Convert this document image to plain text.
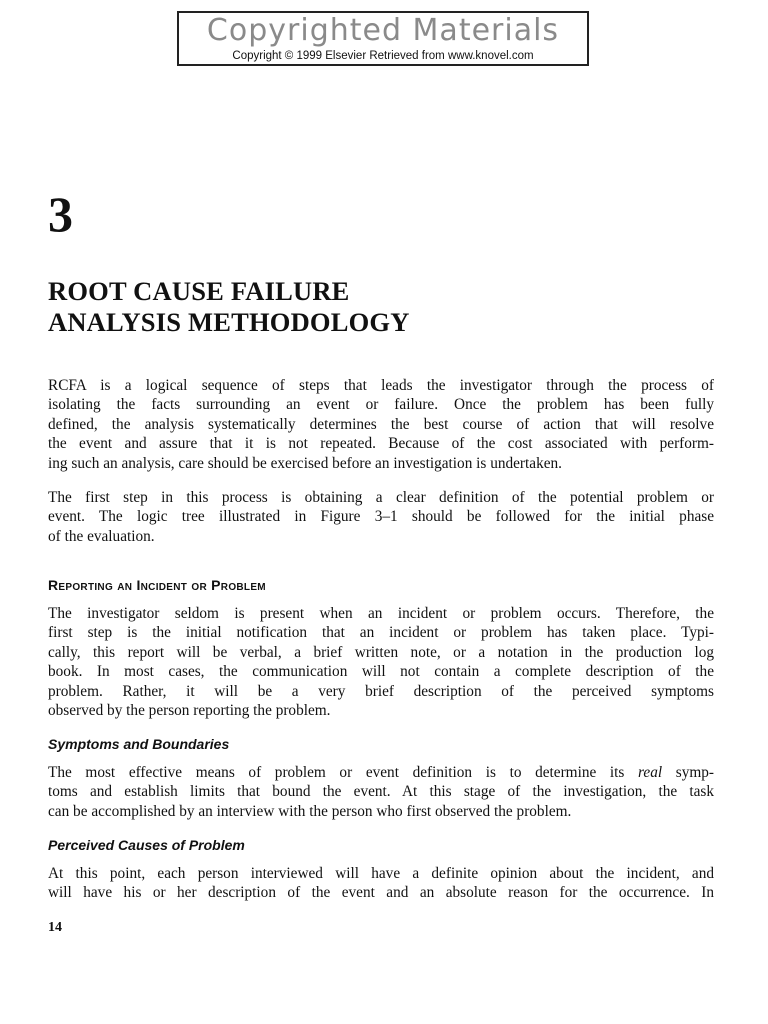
Copyrighted Materials
Copyright © 1999 Elsevier Retrieved from www.knovel.com
3
ROOT CAUSE FAILURE
ANALYSIS METHODOLOGY
RCFA is a logical sequence of steps that leads the investigator through the process of
isolating the facts surrounding an event or failure. Once the problem has been fully
defined, the analysis systematically determines the best course of action that will resolve
the event and assure that it is not repeated. Because of the cost associated with perform-
ing such an analysis, care should be exercised before an investigation is undertaken.
The first step in this process is obtaining a clear definition of the potential problem or
event. The logic tree illustrated in Figure 3–1 should be followed for the initial phase
of the evaluation.
Reporting an Incident or Problem
The investigator seldom is present when an incident or problem occurs. Therefore, the
first step is the initial notification that an incident or problem has taken place. Typi-
cally, this report will be verbal, a brief written note, or a notation in the production log
book. In most cases, the communication will not contain a complete description of the
problem. Rather, it will be a very brief description of the perceived symptoms
observed by the person reporting the problem.
Symptoms and Boundaries
The most effective means of problem or event definition is to determine its real symp-
toms and establish limits that bound the event. At this stage of the investigation, the task
can be accomplished by an interview with the person who first observed the problem.
Perceived Causes of Problem
At this point, each person interviewed will have a definite opinion about the incident, and
will have his or her description of the event and an absolute reason for the occurrence. In
14
